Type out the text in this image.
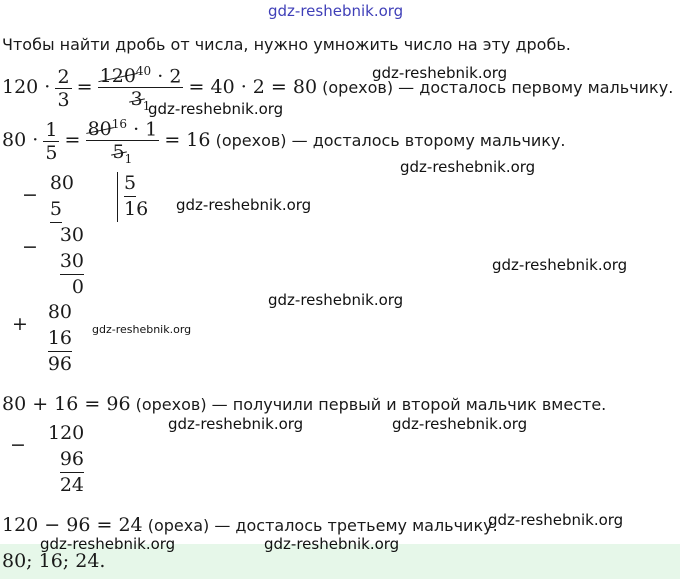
gdz-reshebnik.org
Чтобы найти дробь от числа, нужно умножить число на эту дробь.
$120 \cdot \frac{2}{3} = \frac{120^{40} \cdot 2}{3_1} = 40 \cdot 2 = 80$ (орехов) — досталось первому мальчику.
gdz-reshebnik.org
gdz-reshebnik.org
$80 \cdot \frac{1}{5} = \frac{80^{16} \cdot 1}{5_1} = 16$ (орехов) — досталось второму мальчику.
gdz-reshebnik.org
−
80
5
5
16	gdz-reshebnik.org
−
30
30
0
gdz-reshebnik.org
gdz-reshebnik.org
+
80
16
96
gdz-reshebnik.org
80 + 16 = 96 (орехов) — получили первый и второй мальчик вместе.
−
120
96
24
gdz-reshebnik.org	gdz-reshebnik.org
120 − 96 = 24 (ореха) — досталось третьему мальчику.
gdz-reshebnik.org
80; 16; 24.
gdz-reshebnik.org	gdz-reshebnik.org
